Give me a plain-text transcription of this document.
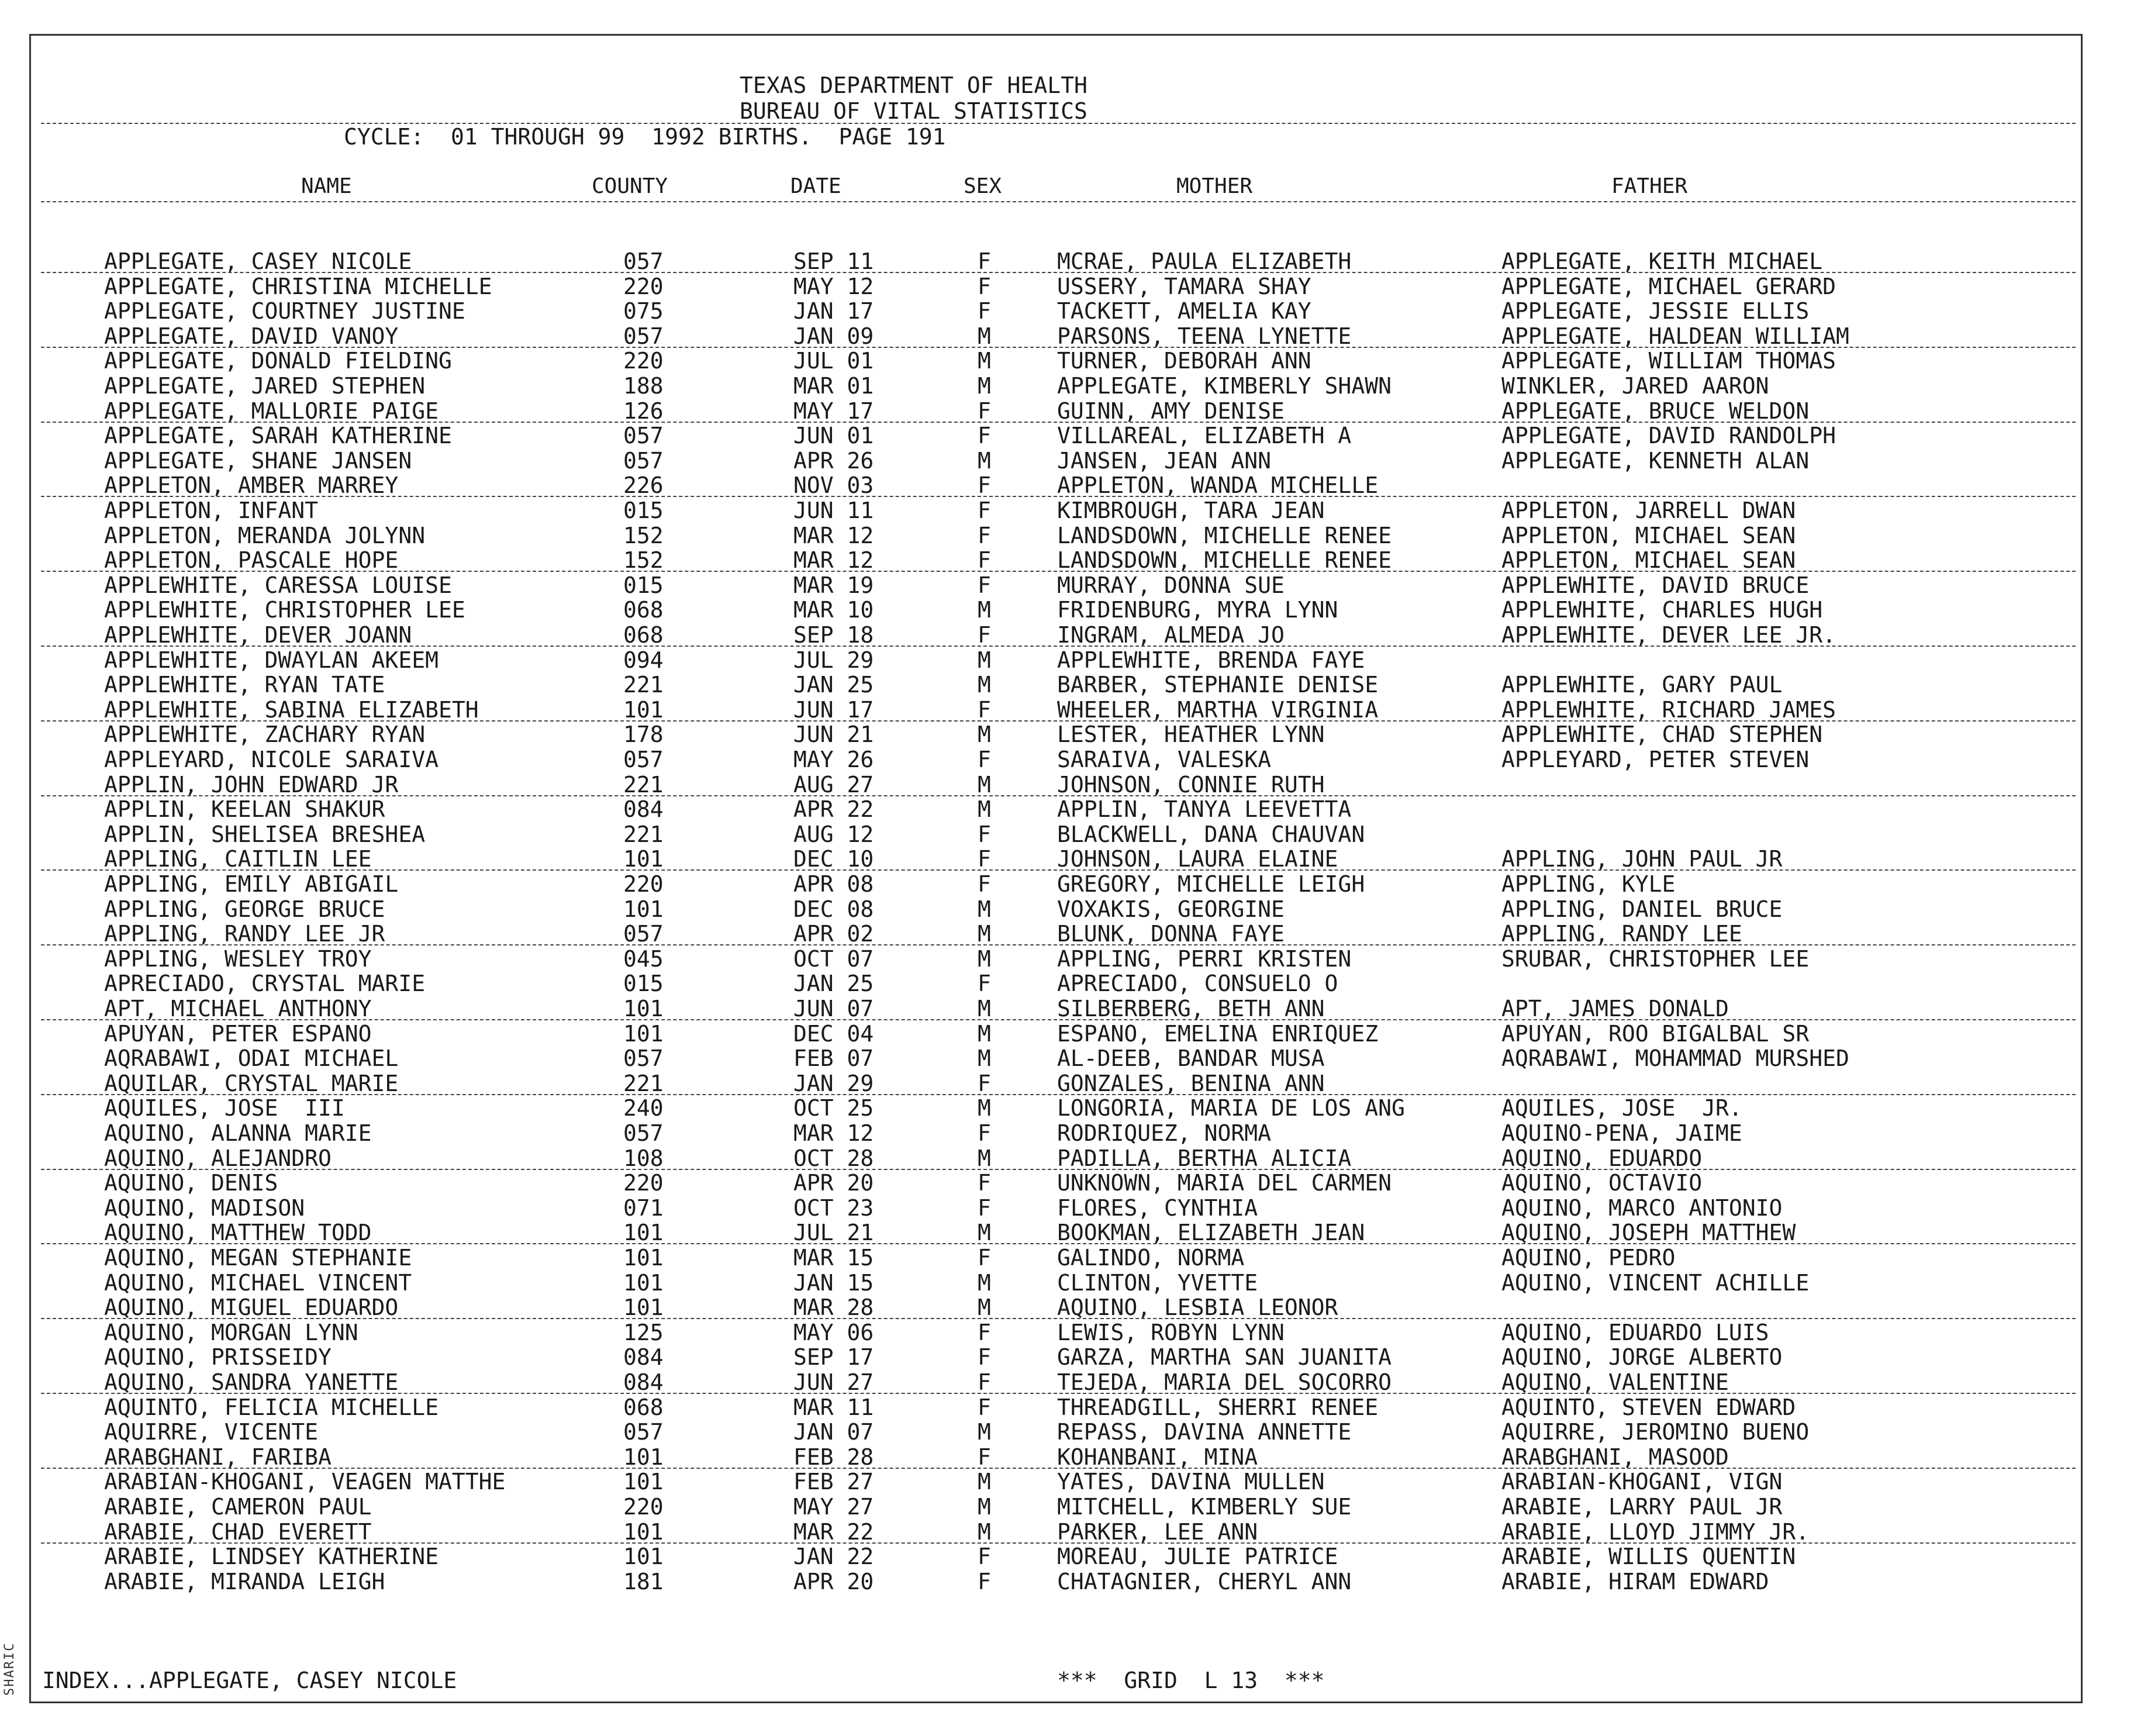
SHARIC
TEXAS DEPARTMENT OF HEALTH
BUREAU OF VITAL STATISTICS
CYCLE:  01 THROUGH 99  1992 BIRTHS.  PAGE 191
NAME	COUNTY	DATE	SEX	MOTHER	FATHER
APPLEGATE, CASEY NICOLE	057	SEP 11	F	MCRAE, PAULA ELIZABETH	APPLEGATE, KEITH MICHAEL
APPLEGATE, CHRISTINA MICHELLE	220	MAY 12	F	USSERY, TAMARA SHAY	APPLEGATE, MICHAEL GERARD
APPLEGATE, COURTNEY JUSTINE	075	JAN 17	F	TACKETT, AMELIA KAY	APPLEGATE, JESSIE ELLIS
APPLEGATE, DAVID VANOY	057	JAN 09	M	PARSONS, TEENA LYNETTE	APPLEGATE, HALDEAN WILLIAM
APPLEGATE, DONALD FIELDING	220	JUL 01	M	TURNER, DEBORAH ANN	APPLEGATE, WILLIAM THOMAS
APPLEGATE, JARED STEPHEN	188	MAR 01	M	APPLEGATE, KIMBERLY SHAWN	WINKLER, JARED AARON
APPLEGATE, MALLORIE PAIGE	126	MAY 17	F	GUINN, AMY DENISE	APPLEGATE, BRUCE WELDON
APPLEGATE, SARAH KATHERINE	057	JUN 01	F	VILLAREAL, ELIZABETH A	APPLEGATE, DAVID RANDOLPH
APPLEGATE, SHANE JANSEN	057	APR 26	M	JANSEN, JEAN ANN	APPLEGATE, KENNETH ALAN
APPLETON, AMBER MARREY	226	NOV 03	F	APPLETON, WANDA MICHELLE
APPLETON, INFANT	015	JUN 11	F	KIMBROUGH, TARA JEAN	APPLETON, JARRELL DWAN
APPLETON, MERANDA JOLYNN	152	MAR 12	F	LANDSDOWN, MICHELLE RENEE	APPLETON, MICHAEL SEAN
APPLETON, PASCALE HOPE	152	MAR 12	F	LANDSDOWN, MICHELLE RENEE	APPLETON, MICHAEL SEAN
APPLEWHITE, CARESSA LOUISE	015	MAR 19	F	MURRAY, DONNA SUE	APPLEWHITE, DAVID BRUCE
APPLEWHITE, CHRISTOPHER LEE	068	MAR 10	M	FRIDENBURG, MYRA LYNN	APPLEWHITE, CHARLES HUGH
APPLEWHITE, DEVER JOANN	068	SEP 18	F	INGRAM, ALMEDA JO	APPLEWHITE, DEVER LEE JR.
APPLEWHITE, DWAYLAN AKEEM	094	JUL 29	M	APPLEWHITE, BRENDA FAYE
APPLEWHITE, RYAN TATE	221	JAN 25	M	BARBER, STEPHANIE DENISE	APPLEWHITE, GARY PAUL
APPLEWHITE, SABINA ELIZABETH	101	JUN 17	F	WHEELER, MARTHA VIRGINIA	APPLEWHITE, RICHARD JAMES
APPLEWHITE, ZACHARY RYAN	178	JUN 21	M	LESTER, HEATHER LYNN	APPLEWHITE, CHAD STEPHEN
APPLEYARD, NICOLE SARAIVA	057	MAY 26	F	SARAIVA, VALESKA	APPLEYARD, PETER STEVEN
APPLIN, JOHN EDWARD JR	221	AUG 27	M	JOHNSON, CONNIE RUTH
APPLIN, KEELAN SHAKUR	084	APR 22	M	APPLIN, TANYA LEEVETTA
APPLIN, SHELISEA BRESHEA	221	AUG 12	F	BLACKWELL, DANA CHAUVAN
APPLING, CAITLIN LEE	101	DEC 10	F	JOHNSON, LAURA ELAINE	APPLING, JOHN PAUL JR
APPLING, EMILY ABIGAIL	220	APR 08	F	GREGORY, MICHELLE LEIGH	APPLING, KYLE
APPLING, GEORGE BRUCE	101	DEC 08	M	VOXAKIS, GEORGINE	APPLING, DANIEL BRUCE
APPLING, RANDY LEE JR	057	APR 02	M	BLUNK, DONNA FAYE	APPLING, RANDY LEE
APPLING, WESLEY TROY	045	OCT 07	M	APPLING, PERRI KRISTEN	SRUBAR, CHRISTOPHER LEE
APRECIADO, CRYSTAL MARIE	015	JAN 25	F	APRECIADO, CONSUELO O
APT, MICHAEL ANTHONY	101	JUN 07	M	SILBERBERG, BETH ANN	APT, JAMES DONALD
APUYAN, PETER ESPANO	101	DEC 04	M	ESPANO, EMELINA ENRIQUEZ	APUYAN, ROO BIGALBAL SR
AQRABAWI, ODAI MICHAEL	057	FEB 07	M	AL-DEEB, BANDAR MUSA	AQRABAWI, MOHAMMAD MURSHED
AQUILAR, CRYSTAL MARIE	221	JAN 29	F	GONZALES, BENINA ANN
AQUILES, JOSE  III	240	OCT 25	M	LONGORIA, MARIA DE LOS ANG	AQUILES, JOSE  JR.
AQUINO, ALANNA MARIE	057	MAR 12	F	RODRIQUEZ, NORMA	AQUINO-PENA, JAIME
AQUINO, ALEJANDRO	108	OCT 28	M	PADILLA, BERTHA ALICIA	AQUINO, EDUARDO
AQUINO, DENIS	220	APR 20	F	UNKNOWN, MARIA DEL CARMEN	AQUINO, OCTAVIO
AQUINO, MADISON	071	OCT 23	F	FLORES, CYNTHIA	AQUINO, MARCO ANTONIO
AQUINO, MATTHEW TODD	101	JUL 21	M	BOOKMAN, ELIZABETH JEAN	AQUINO, JOSEPH MATTHEW
AQUINO, MEGAN STEPHANIE	101	MAR 15	F	GALINDO, NORMA	AQUINO, PEDRO
AQUINO, MICHAEL VINCENT	101	JAN 15	M	CLINTON, YVETTE	AQUINO, VINCENT ACHILLE
AQUINO, MIGUEL EDUARDO	101	MAR 28	M	AQUINO, LESBIA LEONOR
AQUINO, MORGAN LYNN	125	MAY 06	F	LEWIS, ROBYN LYNN	AQUINO, EDUARDO LUIS
AQUINO, PRISSEIDY	084	SEP 17	F	GARZA, MARTHA SAN JUANITA	AQUINO, JORGE ALBERTO
AQUINO, SANDRA YANETTE	084	JUN 27	F	TEJEDA, MARIA DEL SOCORRO	AQUINO, VALENTINE
AQUINTO, FELICIA MICHELLE	068	MAR 11	F	THREADGILL, SHERRI RENEE	AQUINTO, STEVEN EDWARD
AQUIRRE, VICENTE	057	JAN 07	M	REPASS, DAVINA ANNETTE	AQUIRRE, JEROMINO BUENO
ARABGHANI, FARIBA	101	FEB 28	F	KOHANBANI, MINA	ARABGHANI, MASOOD
ARABIAN-KHOGANI, VEAGEN MATTHE	101	FEB 27	M	YATES, DAVINA MULLEN	ARABIAN-KHOGANI, VIGN
ARABIE, CAMERON PAUL	220	MAY 27	M	MITCHELL, KIMBERLY SUE	ARABIE, LARRY PAUL JR
ARABIE, CHAD EVERETT	101	MAR 22	M	PARKER, LEE ANN	ARABIE, LLOYD JIMMY JR.
ARABIE, LINDSEY KATHERINE	101	JAN 22	F	MOREAU, JULIE PATRICE	ARABIE, WILLIS QUENTIN
ARABIE, MIRANDA LEIGH	181	APR 20	F	CHATAGNIER, CHERYL ANN	ARABIE, HIRAM EDWARD
INDEX...APPLEGATE, CASEY NICOLE	***  GRID  L 13  ***
